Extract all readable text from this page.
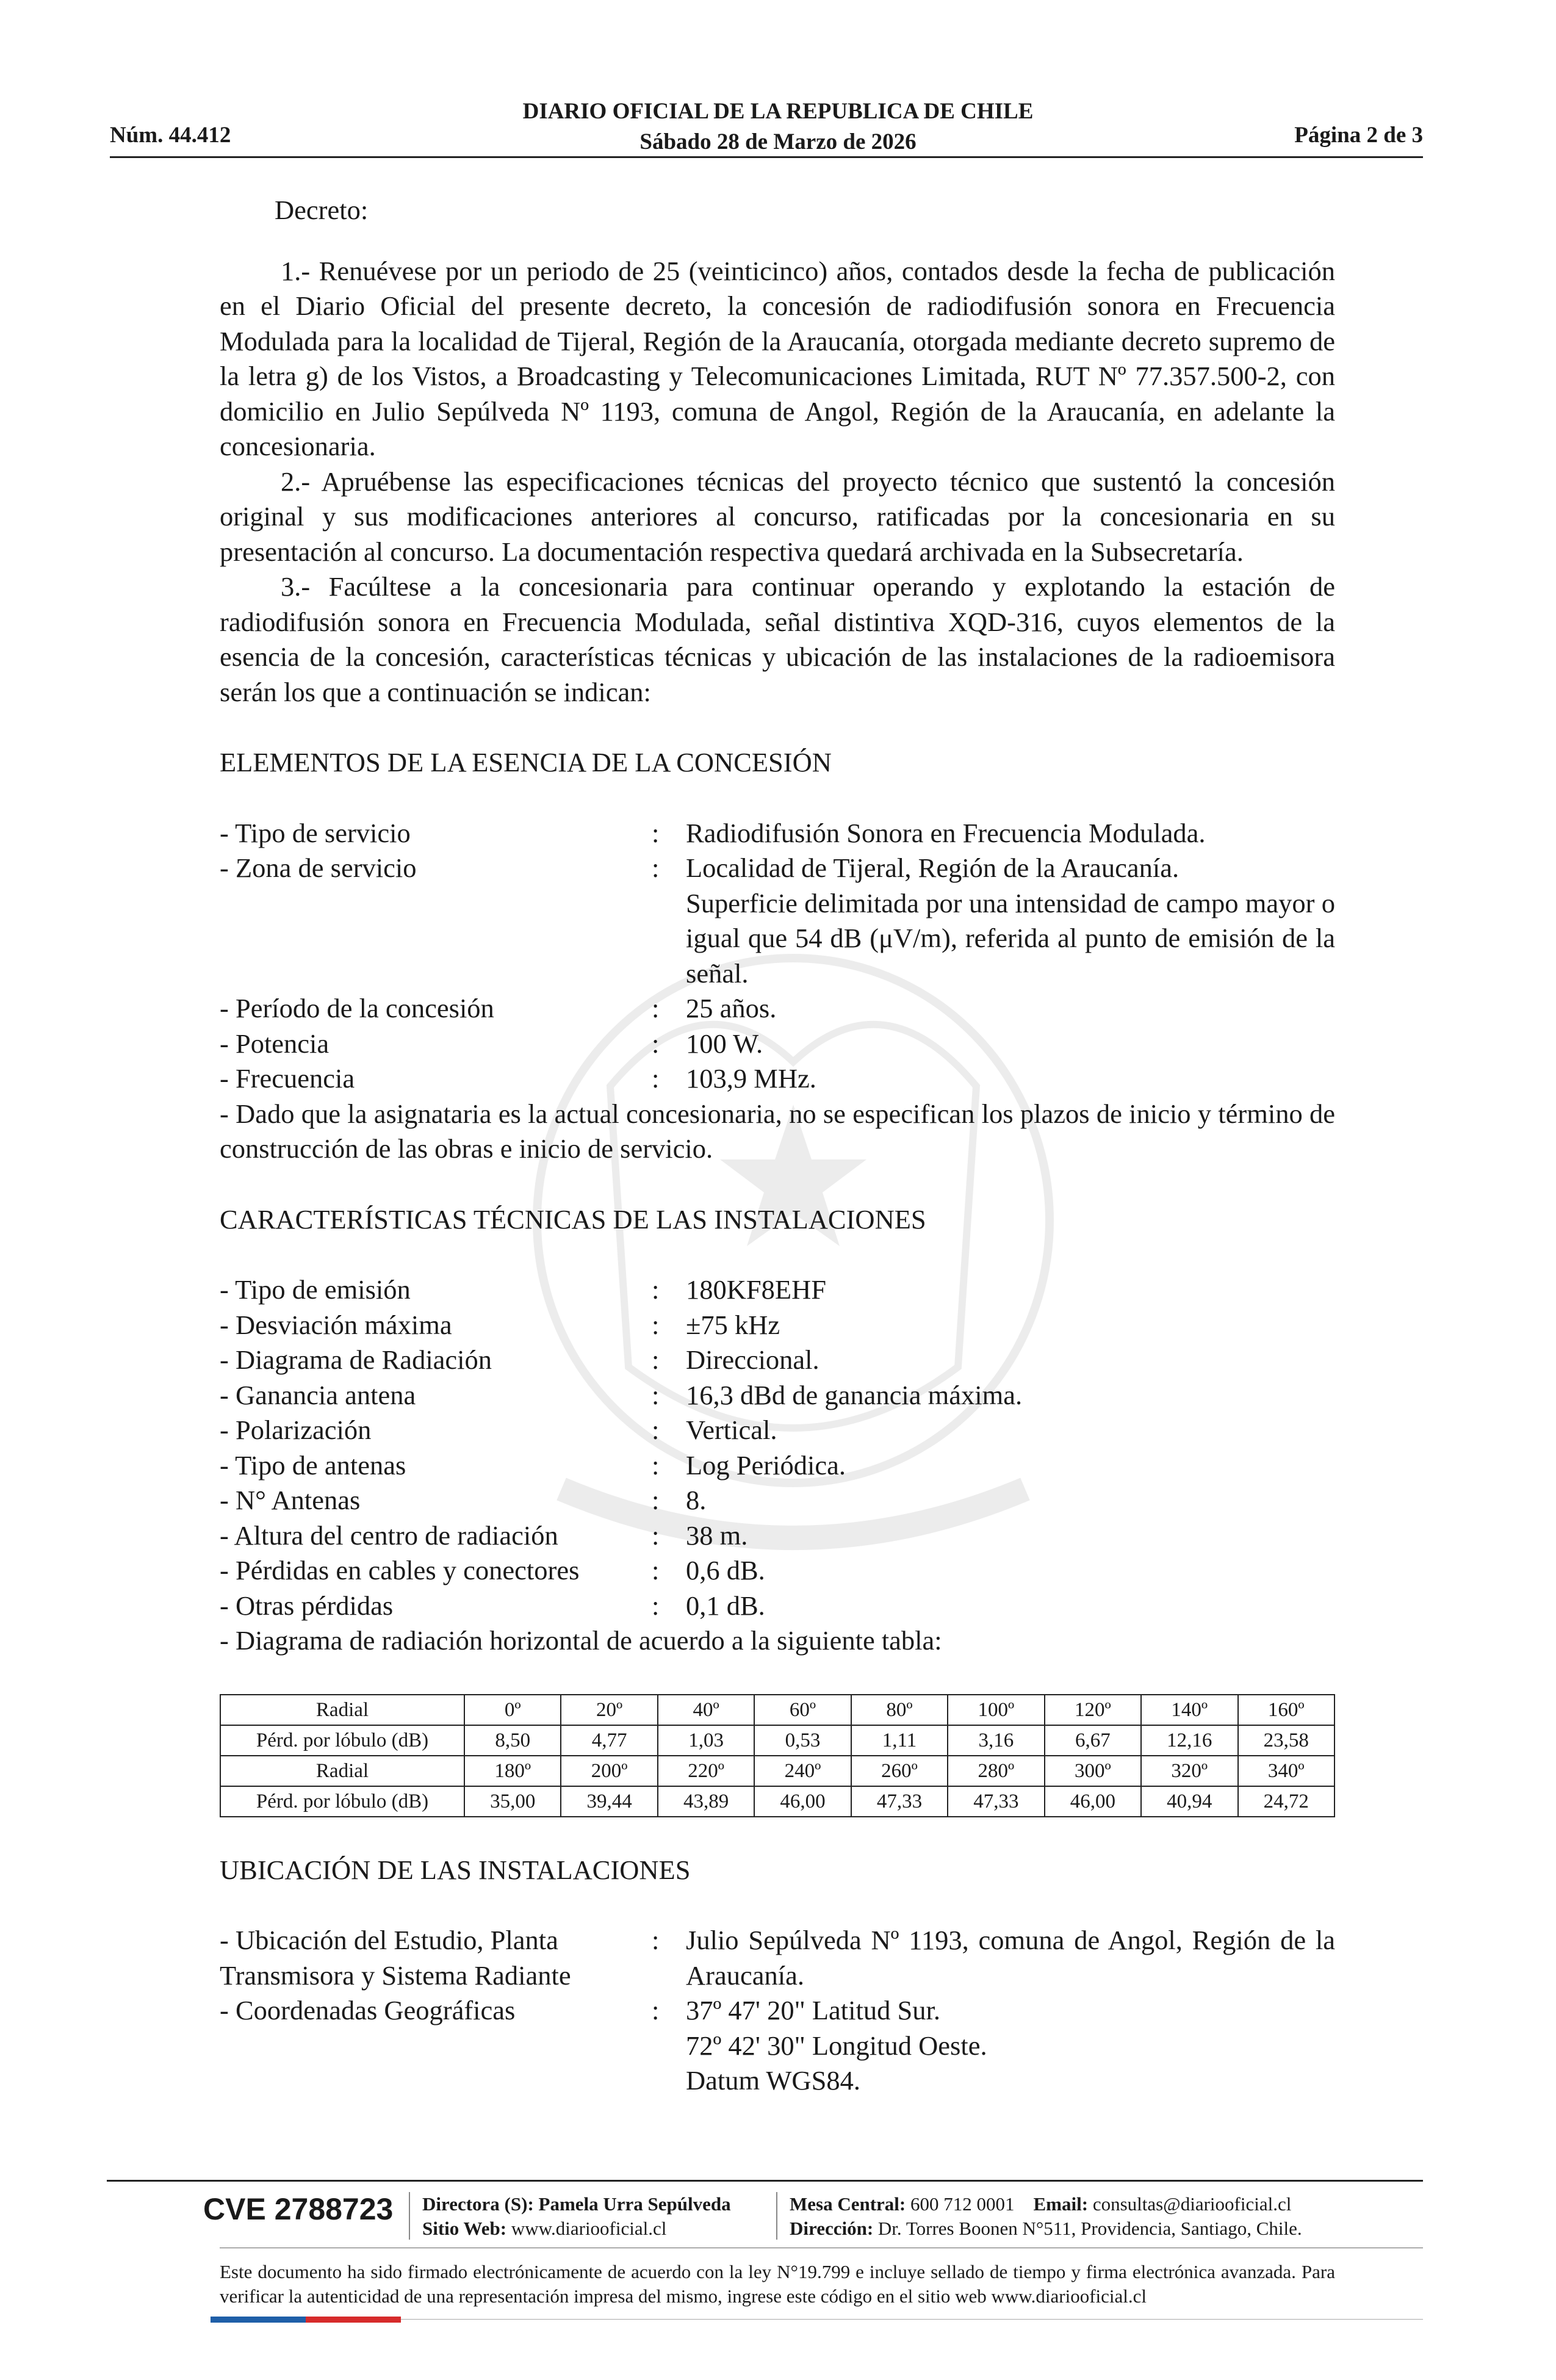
DIARIO OFICIAL DE LA REPUBLICA DE CHILE
Sábado 28 de Marzo de 2026
Núm. 44.412	Página 2 de 3

Decreto:

1.- Renuévese por un periodo de 25 (veinticinco) años, contados desde la fecha de publicación en el Diario Oficial del presente decreto, la concesión de radiodifusión sonora en Frecuencia Modulada para la localidad de Tijeral, Región de la Araucanía, otorgada mediante decreto supremo de la letra g) de los Vistos, a Broadcasting y Telecomunicaciones Limitada, RUT Nº 77.357.500-2, con domicilio en Julio Sepúlveda Nº 1193, comuna de Angol, Región de la Araucanía, en adelante la concesionaria.

2.- Apruébense las especificaciones técnicas del proyecto técnico que sustentó la concesión original y sus modificaciones anteriores al concurso, ratificadas por la concesionaria en su presentación al concurso. La documentación respectiva quedará archivada en la Subsecretaría.

3.- Facúltese a la concesionaria para continuar operando y explotando la estación de radiodifusión sonora en Frecuencia Modulada, señal distintiva XQD-316, cuyos elementos de la esencia de la concesión, características técnicas y ubicación de las instalaciones de la radioemisora serán los que a continuación se indican:

ELEMENTOS DE LA ESENCIA DE LA CONCESIÓN

- Tipo de servicio	: Radiodifusión Sonora en Frecuencia Modulada.
- Zona de servicio	: Localidad de Tijeral, Región de la Araucanía.
Superficie delimitada por una intensidad de campo mayor o igual que 54 dB (μV/m), referida al punto de emisión de la señal.
- Período de la concesión	: 25 años.
- Potencia	: 100 W.
- Frecuencia	: 103,9 MHz.

- Dado que la asignataria es la actual concesionaria, no se especifican los plazos de inicio y término de construcción de las obras e inicio de servicio.

CARACTERÍSTICAS TÉCNICAS DE LAS INSTALACIONES

- Tipo de emisión	: 180KF8EHF
- Desviación máxima	: ±75 kHz
- Diagrama de Radiación	: Direccional.
- Ganancia antena	: 16,3 dBd de ganancia máxima.
- Polarización	: Vertical.
- Tipo de antenas	: Log Periódica.
- N° Antenas	: 8.
- Altura del centro de radiación	: 38 m.
- Pérdidas en cables y conectores	: 0,6 dB.
- Otras pérdidas	: 0,1 dB.

- Diagrama de radiación horizontal de acuerdo a la siguiente tabla:

Radial	0º	20º	40º	60º	80º	100º	120º	140º	160º
Pérd. por lóbulo (dB)	8,50	4,77	1,03	0,53	1,11	3,16	6,67	12,16	23,58
Radial	180º	200º	220º	240º	260º	280º	300º	320º	340º
Pérd. por lóbulo (dB)	35,00	39,44	43,89	46,00	47,33	47,33	46,00	40,94	24,72

UBICACIÓN DE LAS INSTALACIONES

- Ubicación del Estudio, Planta
Transmisora y Sistema Radiante
: Julio Sepúlveda Nº 1193, comuna de Angol, Región de la Araucanía.
- Coordenadas Geográficas	: 37º 47' 20" Latitud Sur.
72º 42' 30" Longitud Oeste.
Datum WGS84.
CVE 2788723 Directora (S): Pamela Urra Sepúlveda
Sitio Web: www.diariooficial.cl
Mesa Central: 600 712 0001 Email: consultas@diariooficial.cl
Dirección: Dr. Torres Boonen N°511, Providencia, Santiago, Chile.
Este documento ha sido firmado electrónicamente de acuerdo con la ley N°19.799 e incluye sellado de tiempo y firma electrónica avanzada. Para verificar la autenticidad de una representación impresa del mismo, ingrese este código en el sitio web www.diariooficial.cl
